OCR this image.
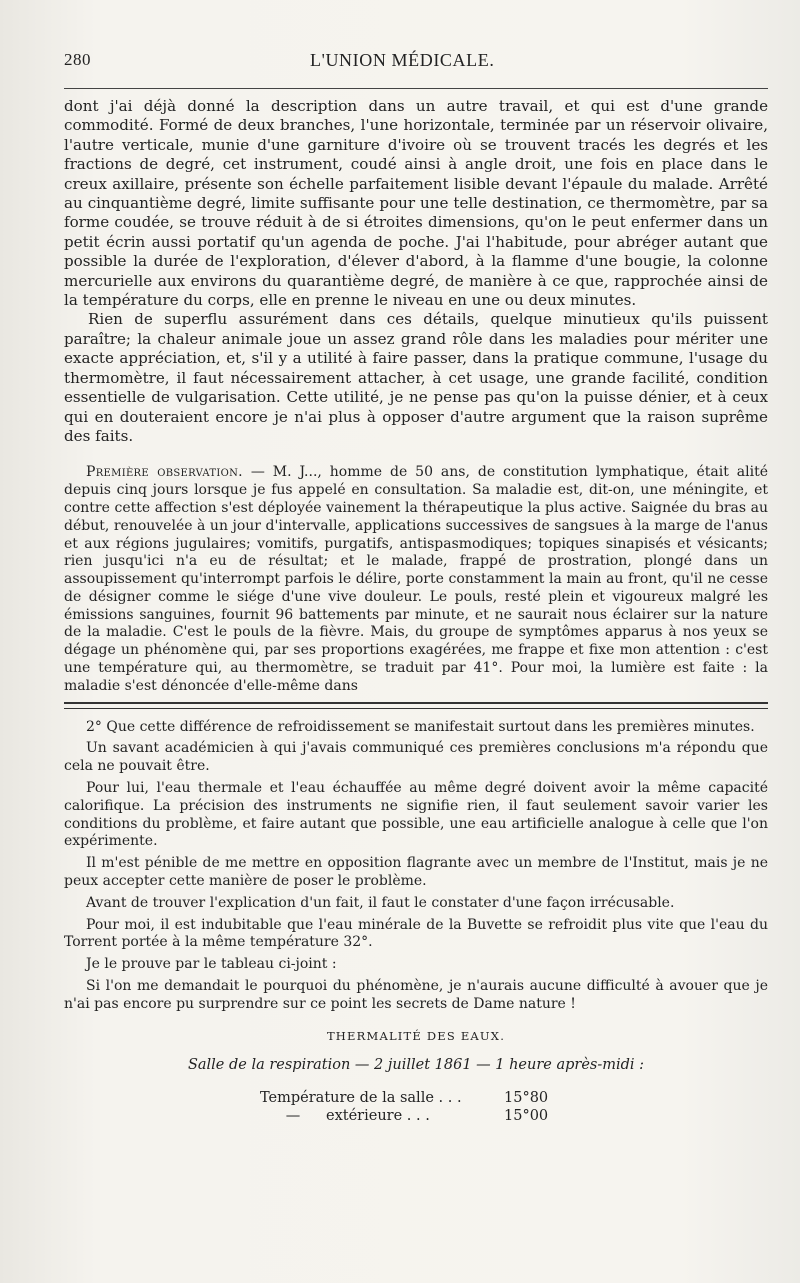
280	L'UNION MÉDICALE.

dont j'ai déjà donné la description dans un autre travail, et qui est d'une grande commodité. Formé de deux branches, l'une horizontale, terminée par un réservoir olivaire, l'autre verticale, munie d'une garniture d'ivoire où se trouvent tracés les degrés et les fractions de degré, cet instrument, coudé ainsi à angle droit, une fois en place dans le creux axillaire, présente son échelle parfaitement lisible devant l'épaule du malade. Arrêté au cinquantième degré, limite suffisante pour une telle destination, ce thermomètre, par sa forme coudée, se trouve réduit à de si étroites dimensions, qu'on le peut enfermer dans un petit écrin aussi portatif qu'un agenda de poche. J'ai l'habitude, pour abréger autant que possible la durée de l'exploration, d'élever d'abord, à la flamme d'une bougie, la colonne mercurielle aux environs du quarantième degré, de manière à ce que, rapprochée ainsi de la température du corps, elle en prenne le niveau en une ou deux minutes.

Rien de superflu assurément dans ces détails, quelque minutieux qu'ils puissent paraître; la chaleur animale joue un assez grand rôle dans les maladies pour mériter une exacte appréciation, et, s'il y a utilité à faire passer, dans la pratique commune, l'usage du thermomètre, il faut nécessairement attacher, à cet usage, une grande facilité, condition essentielle de vulgarisation. Cette utilité, je ne pense pas qu'on la puisse dénier, et à ceux qui en douteraient encore je n'ai plus à opposer d'autre argument que la raison suprême des faits.

Première observation. — M. J..., homme de 50 ans, de constitution lymphatique, était alité depuis cinq jours lorsque je fus appelé en consultation. Sa maladie est, dit-on, une méningite, et contre cette affection s'est déployée vainement la thérapeutique la plus active. Saignée du bras au début, renouvelée à un jour d'intervalle, applications successives de sangsues à la marge de l'anus et aux régions jugulaires; vomitifs, purgatifs, antispasmodiques; topiques sinapisés et vésicants; rien jusqu'ici n'a eu de résultat; et le malade, frappé de prostration, plongé dans un assoupissement qu'interrompt parfois le délire, porte constamment la main au front, qu'il ne cesse de désigner comme le siége d'une vive douleur. Le pouls, resté plein et vigoureux malgré les émissions sanguines, fournit 96 battements par minute, et ne saurait nous éclairer sur la nature de la maladie. C'est le pouls de la fièvre. Mais, du groupe de symptômes apparus à nos yeux se dégage un phénomène qui, par ses proportions exagérées, me frappe et fixe mon attention : c'est une température qui, au thermomètre, se traduit par 41°. Pour moi, la lumière est faite : la maladie s'est dénoncée d'elle-même dans

2° Que cette différence de refroidissement se manifestait surtout dans les premières minutes.

Un savant académicien à qui j'avais communiqué ces premières conclusions m'a répondu que cela ne pouvait être.

Pour lui, l'eau thermale et l'eau échauffée au même degré doivent avoir la même capacité calorifique. La précision des instruments ne signifie rien, il faut seulement savoir varier les conditions du problème, et faire autant que possible, une eau artificielle analogue à celle que l'on expérimente.

Il m'est pénible de me mettre en opposition flagrante avec un membre de l'Institut, mais je ne peux accepter cette manière de poser le problème.

Avant de trouver l'explication d'un fait, il faut le constater d'une façon irrécusable.

Pour moi, il est indubitable que l'eau minérale de la Buvette se refroidit plus vite que l'eau du Torrent portée à la même température 32°.

Je le prouve par le tableau ci-joint :

Si l'on me demandait le pourquoi du phénomène, je n'aurais aucune difficulté à avouer que je n'ai pas encore pu surprendre sur ce point les secrets de Dame nature !

THERMALITÉ DES EAUX.
Salle de la respiration — 2 juillet 1861 — 1 heure après-midi :
Température de la salle . . .	15°80
—	extérieure . . .	15°00
